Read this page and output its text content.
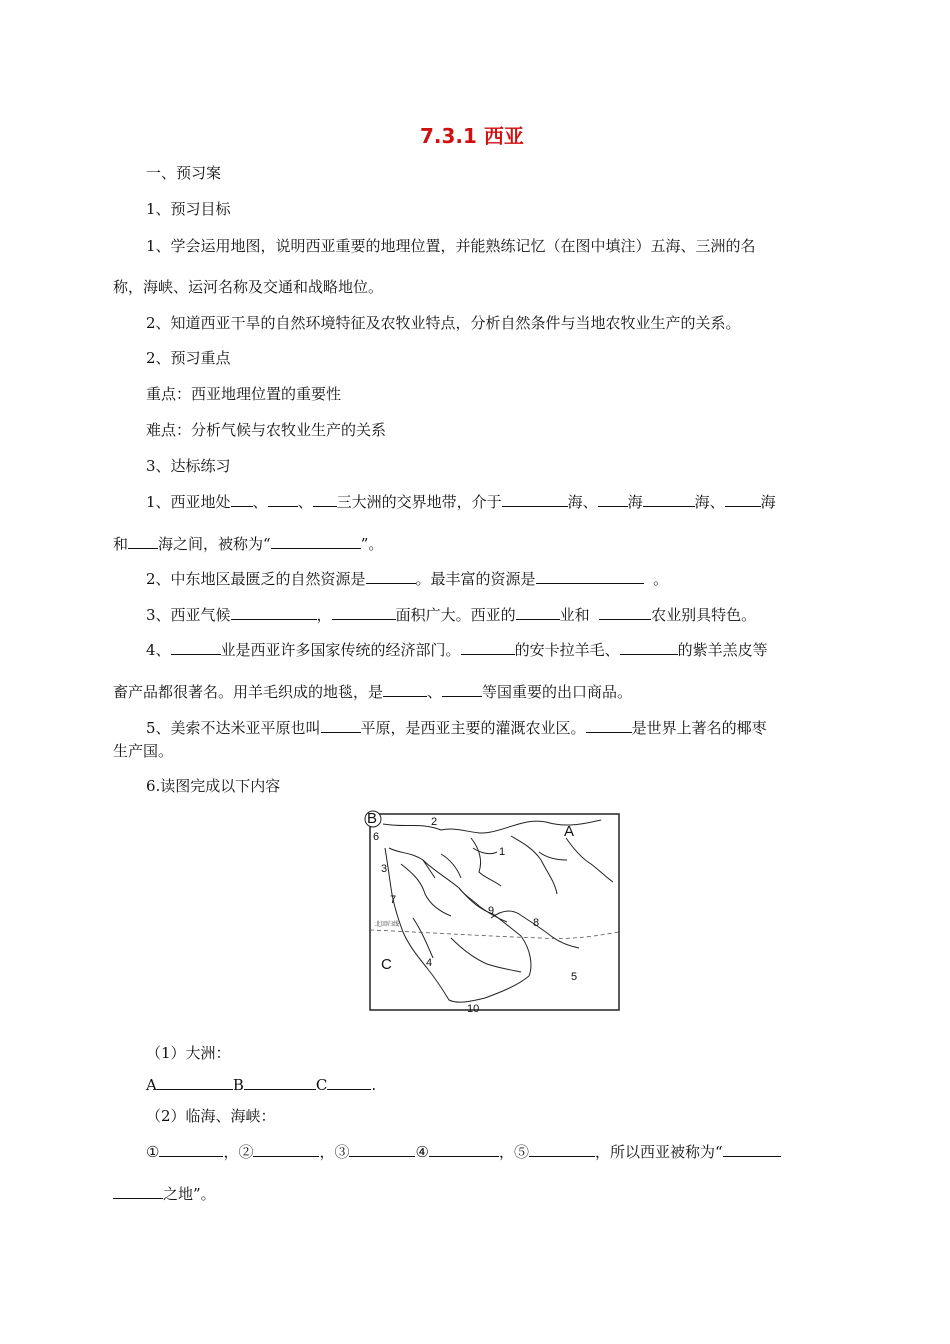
7.3.1 西亚
一、预习案
1、预习目标
1、学会运用地图，说明西亚重要的地理位置，并能熟练记忆（在图中填注）五海、三洲的名
称，海峡、运河名称及交通和战略地位。
2、知道西亚干旱的自然环境特征及农牧业特点，分析自然条件与当地农牧业生产的关系。
2、预习重点
重点：西亚地理位置的重要性
难点：分析气候与农牧业生产的关系
3、达标练习
1、西亚地处 、 、 三大洲的交界地带，介于	海、 海	海、 海
和 海之间，被称为“	”。
2、中东地区最匮乏的自然资源是	。最丰富的资源是	。
3、西亚气候	，	面积广大。西亚的	业和	农业别具特色。
4、	业是西亚许多国家传统的经济部门。	的安卡拉羊毛、	的紫羊羔皮等
畜产品都很著名。用羊毛织成的地毯，是	、	等国重要的出口商品。
5、美索不达米亚平原也叫	平原，是西亚主要的灌溉农业区。	是世界上著名的椰枣
生产国。
6.读图完成以下内容
B
A
C
1
2
3
4
5
6
7
8
9
10
北回归线
（1）大洲：
A	B	C	.
（2）临海、海峡：
①	，②	，③	④	，⑤	，所以西亚被称为“
之地”。
